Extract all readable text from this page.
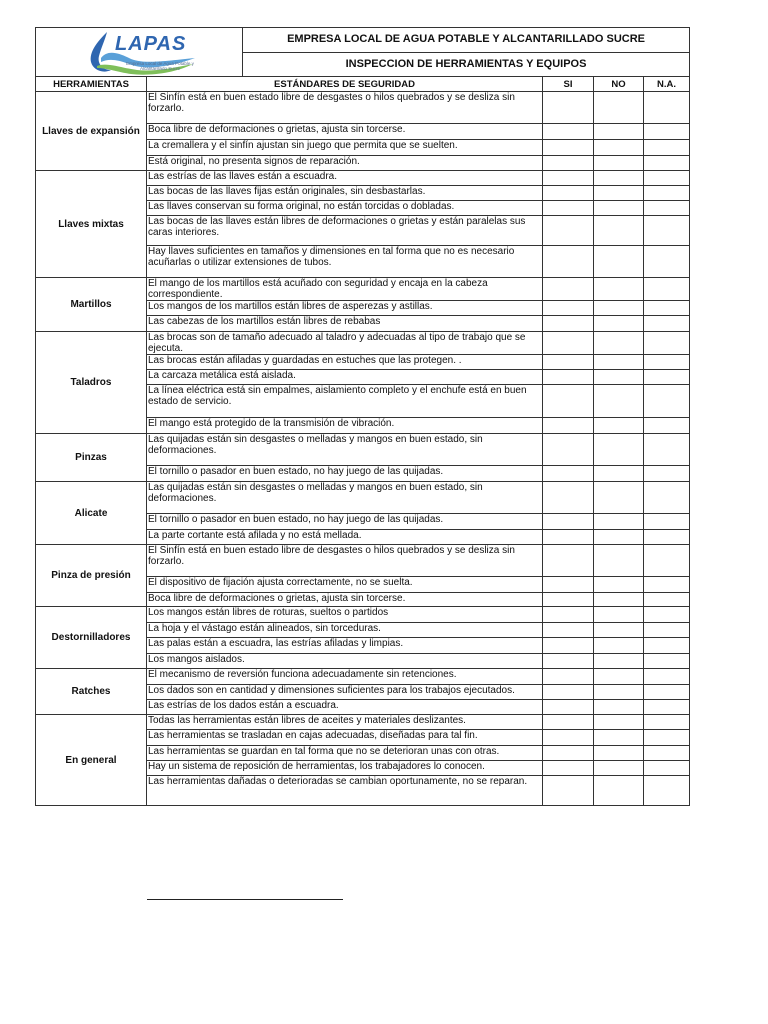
LAPAS
Empresa Local de Agua Potable y Alcantarillado Sucre		EMPRESA LOCAL DE AGUA POTABLE Y ALCANTARILLADO SUCRE			
		INSPECCION DE HERRAMIENTAS Y EQUIPOS			
HERRAMIENTAS	ESTÁNDARES DE SEGURIDAD		SI	NO	N.A.
Llaves de expansión	El Sinfín está en buen estado libre de desgastes o hilos quebrados y se desliza sin forzarlo.				
	Boca libre de deformaciones o grietas, ajusta sin torcerse.				
	La cremallera y el sinfín ajustan sin juego que permita que se suelten.				
	Está original, no presenta signos de reparación.				
Llaves mixtas	Las estrías de las llaves están a escuadra.				
	Las bocas de las llaves fijas están originales, sin desbastarlas.				
	Las llaves conservan su forma original, no están torcidas o dobladas.				
	Las bocas de las llaves están libres de deformaciones o grietas y están paralelas sus caras interiores.				
	Hay llaves suficientes en tamaños y dimensiones en tal forma que no es necesario acuñarlas o utilizar extensiones de tubos.				
Martillos	El mango de los martillos está acuñado con seguridad y encaja en la cabeza correspondiente.				
	Los mangos de los martillos están libres de asperezas y astillas.				
	Las cabezas de los martillos están libres de rebabas				
Taladros	Las brocas son de tamaño adecuado al taladro y adecuadas al tipo de trabajo que se ejecuta.				
	Las brocas están afiladas y guardadas en estuches que las protegen. .				
	La carcaza metálica está aislada.				
	La línea eléctrica está sin empalmes, aislamiento completo y el enchufe está en buen estado de servicio.				
	El mango está protegido de la transmisión de vibración.				
Pinzas	Las quijadas están sin desgastes o melladas y mangos en buen estado, sin deformaciones.				
	El tornillo o pasador en buen estado, no hay juego de las quijadas.				
Alicate	Las quijadas están sin desgastes o melladas y mangos en buen estado, sin deformaciones.				
	El tornillo o pasador en buen estado, no hay juego de las quijadas.				
	La parte cortante está afilada y no está mellada.				
Pinza de presión	El Sinfín está en buen estado libre de desgastes o hilos quebrados y se desliza sin forzarlo.				
	El dispositivo de fijación ajusta correctamente, no se suelta.				
	Boca libre de deformaciones o grietas, ajusta sin torcerse.				
Destornilladores	Los mangos están libres de roturas, sueltos o partidos				
	La hoja y el vástago están alineados, sin torceduras.				
	Las palas están a escuadra, las estrías afiladas y limpias.				
	Los mangos aislados.				
Ratches	El mecanismo de reversión funciona adecuadamente sin retenciones.				
	Los dados son en cantidad y dimensiones suficientes para los trabajos ejecutados.				
	Las estrías de los dados están a escuadra.				
En general	Todas las herramientas están libres de aceites y materiales deslizantes.				
	Las herramientas se trasladan en cajas adecuadas, diseñadas para tal fin.				
	Las herramientas se guardan en tal forma que no se deterioran unas con otras.				
	Hay un sistema de reposición de herramientas, los trabajadores lo conocen.				
	Las herramientas dañadas o deterioradas se cambian oportunamente, no se reparan.				
